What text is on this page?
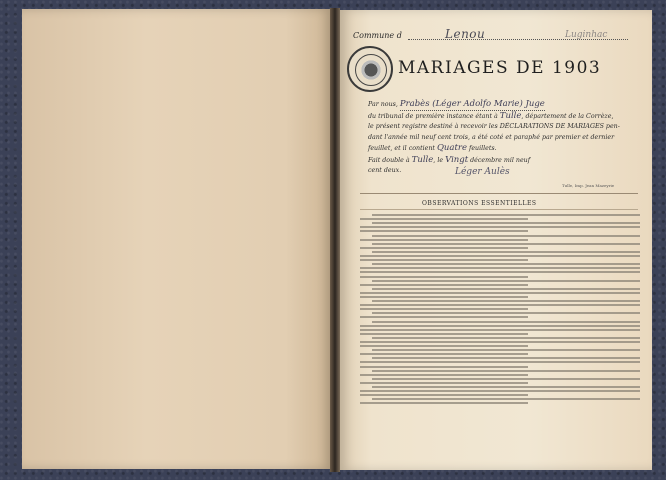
Commune d	Lenou	Luginhac
MARIAGES DE 1903
Par nous, Prabès (Léger Adolfo Marie) Juge
du tribunal de première instance étant à Tulle, département de la Corrèze,
le présent registre destiné à recevoir les DÉCLARATIONS DE MARIAGES pen-
dant l'année mil neuf cent trois, a été coté et paraphé par premier et dernier
feuillet, et il contient Quatre feuillets.
Fait double à Tulle, le Vingt décembre mil neuf
cent deux.	Léger Aulès
Tulle, Imp. Jean Mazeyrie
OBSERVATIONS ESSENTIELLES
